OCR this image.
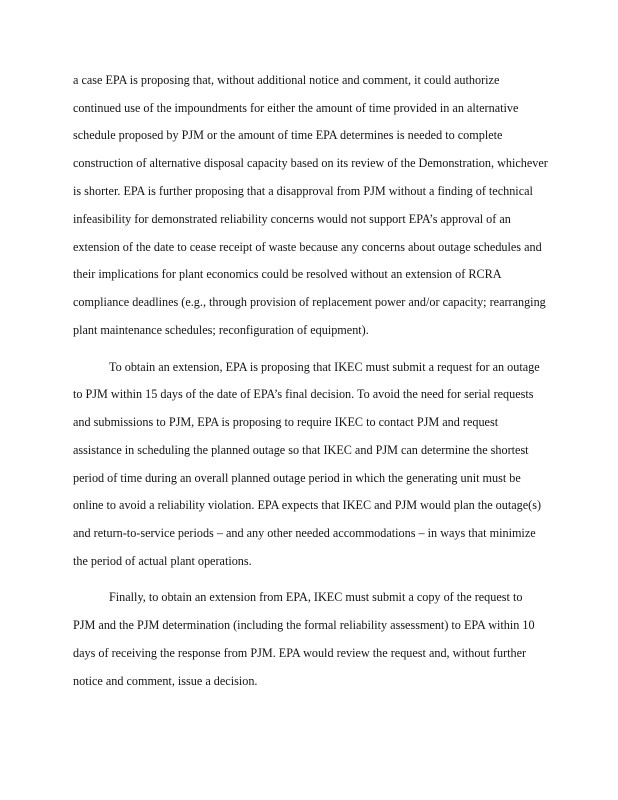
a case EPA is proposing that, without additional notice and comment, it could authorize

continued use of the impoundments for either the amount of time provided in an alternative

schedule proposed by PJM or the amount of time EPA determines is needed to complete

construction of alternative disposal capacity based on its review of the Demonstration, whichever

is shorter. EPA is further proposing that a disapproval from PJM without a finding of technical

infeasibility for demonstrated reliability concerns would not support EPA’s approval of an

extension of the date to cease receipt of waste because any concerns about outage schedules and

their implications for plant economics could be resolved without an extension of RCRA

compliance deadlines (e.g., through provision of replacement power and/or capacity; rearranging

plant maintenance schedules; reconfiguration of equipment).

To obtain an extension, EPA is proposing that IKEC must submit a request for an outage

to PJM within 15 days of the date of EPA’s final decision. To avoid the need for serial requests

and submissions to PJM, EPA is proposing to require IKEC to contact PJM and request

assistance in scheduling the planned outage so that IKEC and PJM can determine the shortest

period of time during an overall planned outage period in which the generating unit must be

online to avoid a reliability violation. EPA expects that IKEC and PJM would plan the outage(s)

and return-to-service periods – and any other needed accommodations – in ways that minimize

the period of actual plant operations.

Finally, to obtain an extension from EPA, IKEC must submit a copy of the request to

PJM and the PJM determination (including the formal reliability assessment) to EPA within 10

days of receiving the response from PJM. EPA would review the request and, without further

notice and comment, issue a decision.
